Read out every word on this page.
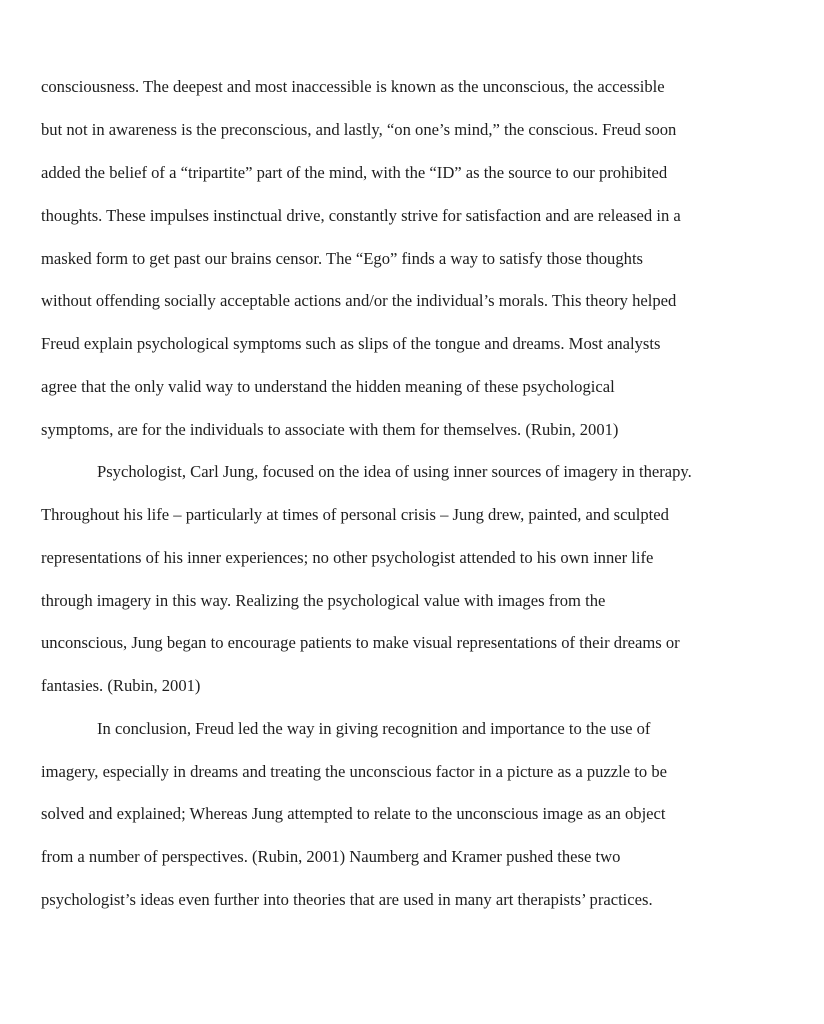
consciousness. The deepest and most inaccessible is known as the unconscious, the accessible
but not in awareness is the preconscious, and lastly, “on one’s mind,” the conscious. Freud soon
added the belief of a “tripartite” part of the mind, with the “ID” as the source to our prohibited
thoughts. These impulses instinctual drive, constantly strive for satisfaction and are released in a
masked form to get past our brains censor. The “Ego” finds a way to satisfy those thoughts
without offending socially acceptable actions and/or the individual’s morals. This theory helped
Freud explain psychological symptoms such as slips of the tongue and dreams. Most analysts
agree that the only valid way to understand the hidden meaning of these psychological
symptoms, are for the individuals to associate with them for themselves. (Rubin, 2001)
Psychologist, Carl Jung, focused on the idea of using inner sources of imagery in therapy.
Throughout his life – particularly at times of personal crisis – Jung drew, painted, and sculpted
representations of his inner experiences; no other psychologist attended to his own inner life
through imagery in this way. Realizing the psychological value with images from the
unconscious, Jung began to encourage patients to make visual representations of their dreams or
fantasies. (Rubin, 2001)
In conclusion, Freud led the way in giving recognition and importance to the use of
imagery, especially in dreams and treating the unconscious factor in a picture as a puzzle to be
solved and explained; Whereas Jung attempted to relate to the unconscious image as an object
from a number of perspectives. (Rubin, 2001) Naumberg and Kramer pushed these two
psychologist’s ideas even further into theories that are used in many art therapists’ practices.
